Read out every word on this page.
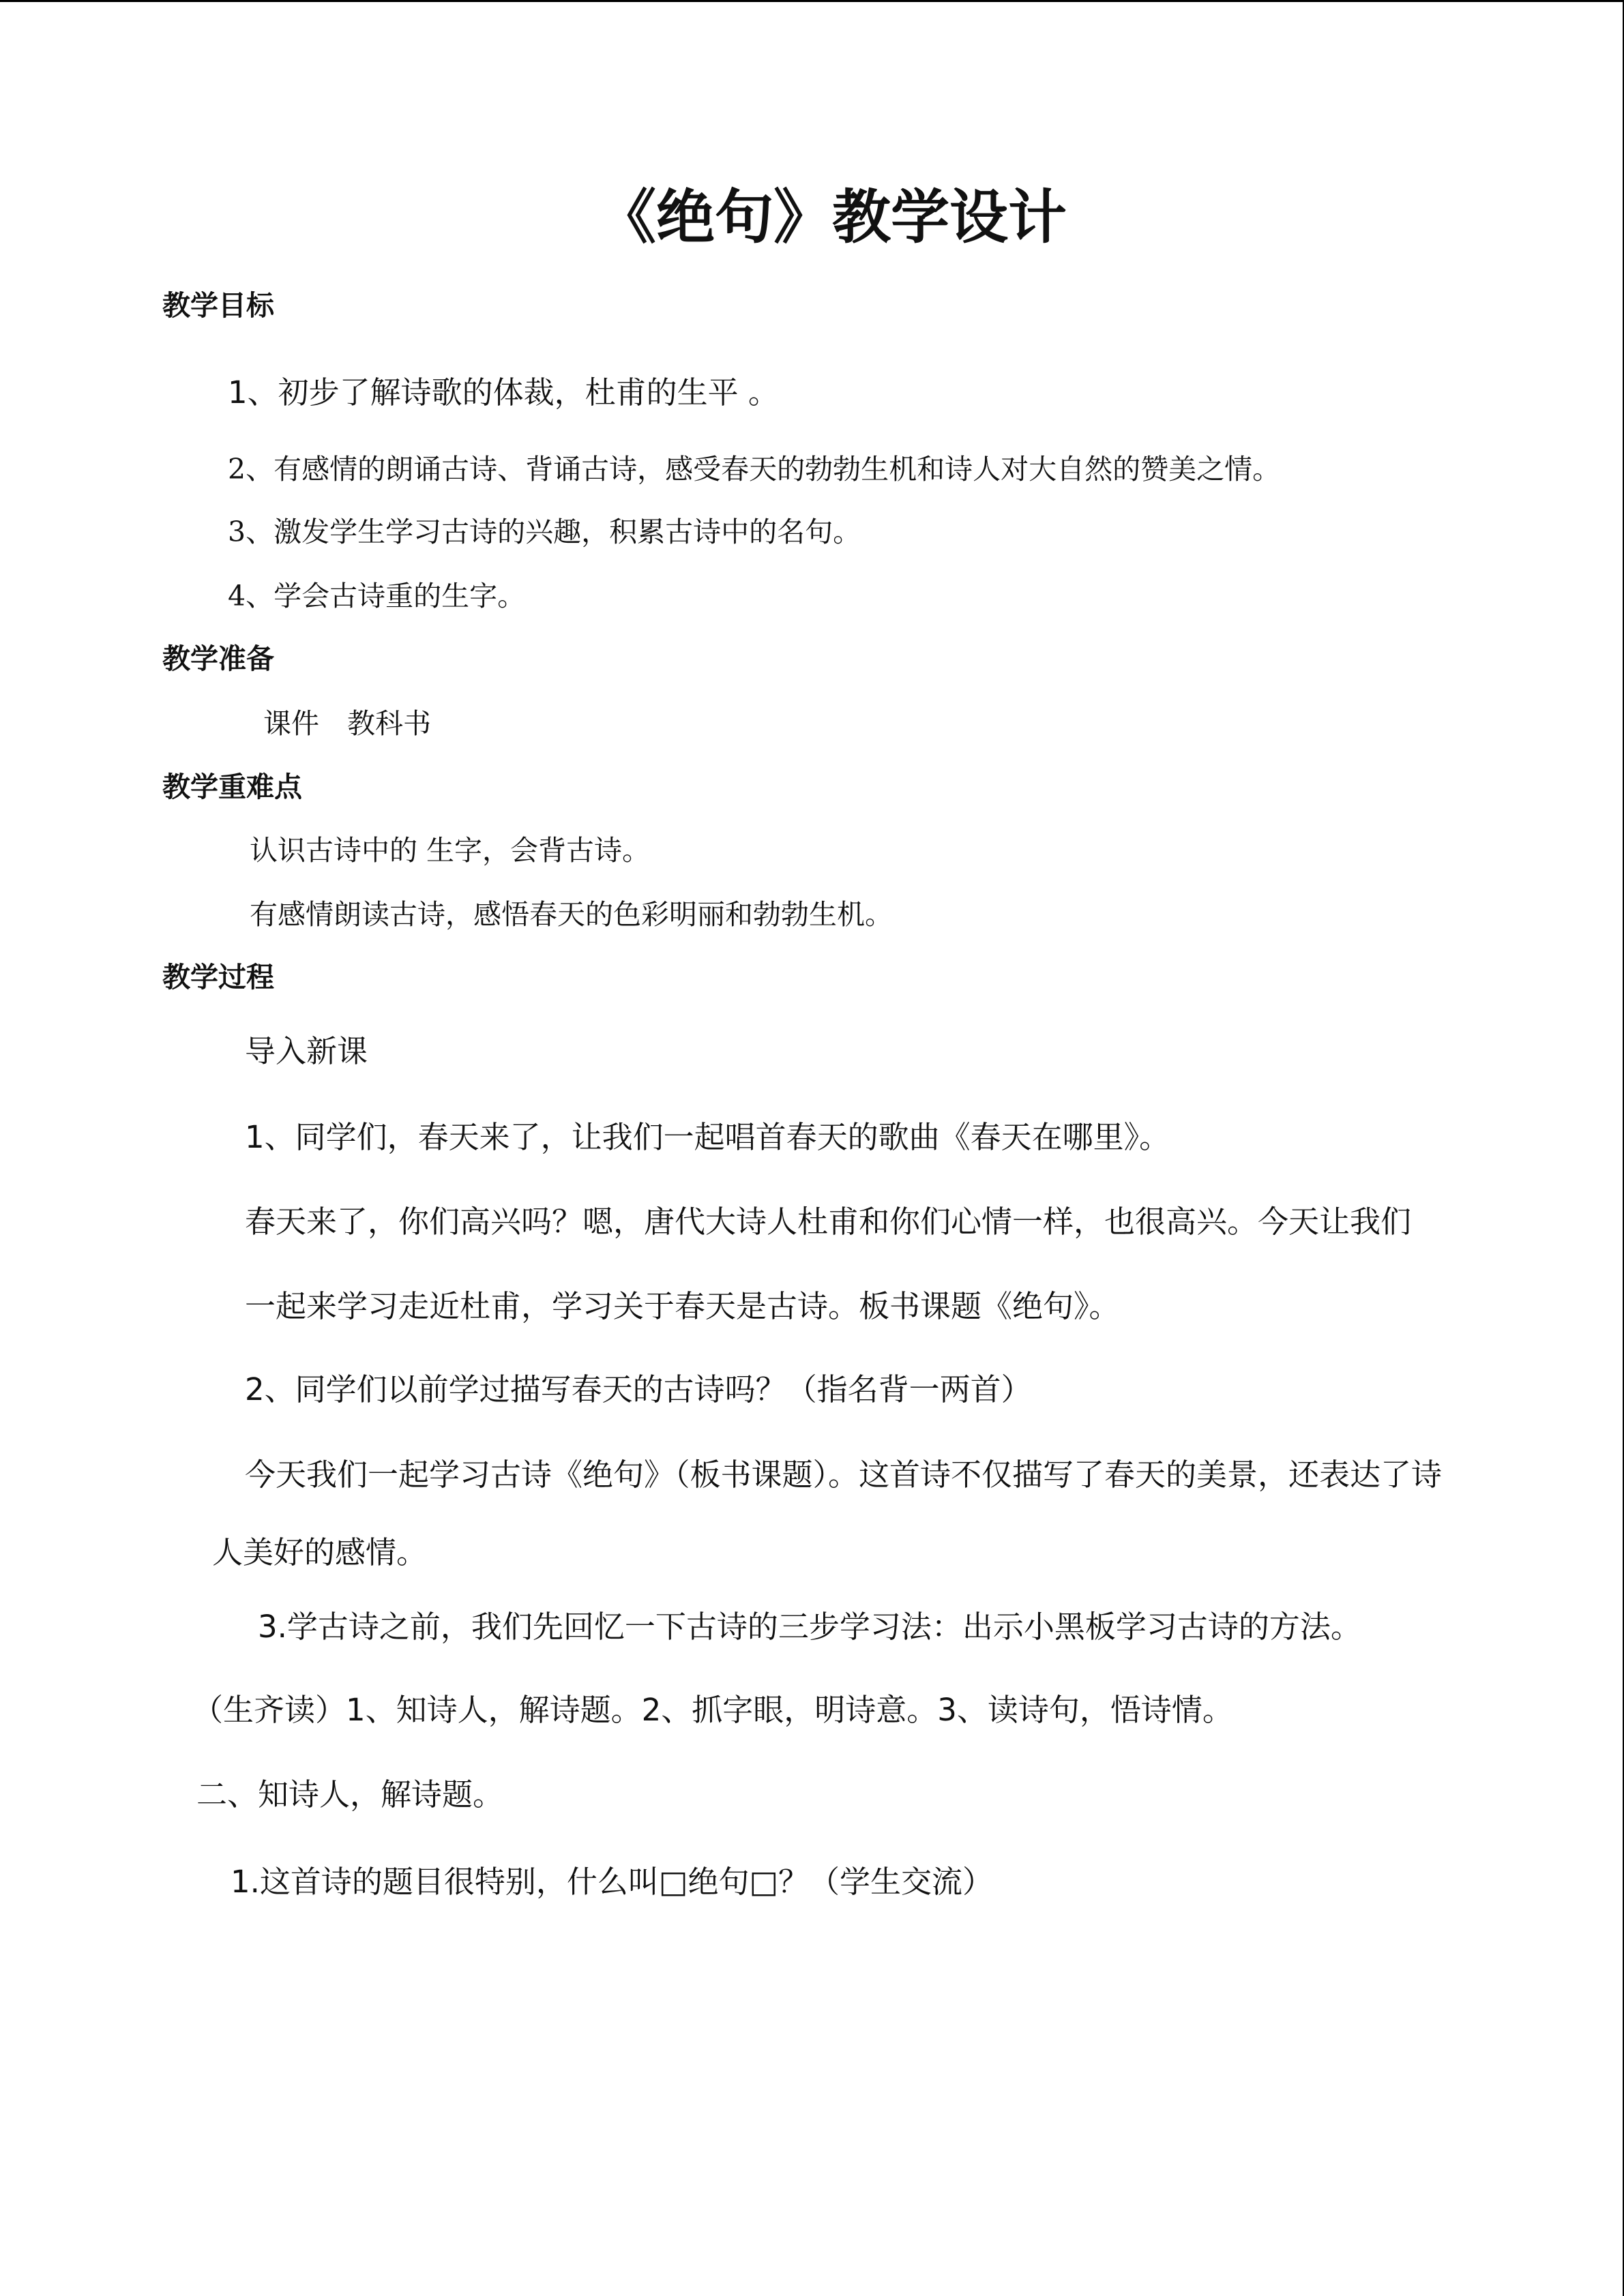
《绝句》教学设计
教学目标
1、初步了解诗歌的体裁，杜甫的生平 。
2、有感情的朗诵古诗、背诵古诗，感受春天的勃勃生机和诗人对大自然的赞美之情。
3、激发学生学习古诗的兴趣，积累古诗中的名句。
4、学会古诗重的生字。
教学准备
课件　教科书
教学重难点
认识古诗中的 生字，会背古诗。
有感情朗读古诗，感悟春天的色彩明丽和勃勃生机。
教学过程
导入新课
1、同学们，春天来了，让我们一起唱首春天的歌曲《春天在哪里》。
春天来了，你们高兴吗？嗯，唐代大诗人杜甫和你们心情一样，也很高兴。今天让我们
一起来学习走近杜甫，学习关于春天是古诗。板书课题《绝句》。
2、同学们以前学过描写春天的古诗吗？（指名背一两首）
今天我们一起学习古诗《绝句》（板书课题）。这首诗不仅描写了春天的美景，还表达了诗
人美好的感情。
3.学古诗之前，我们先回忆一下古诗的三步学习法：出示小黑板学习古诗的方法。
（生齐读）1、知诗人，解诗题。2、抓字眼，明诗意。3、读诗句，悟诗情。
二、知诗人，解诗题。
1.这首诗的题目很特别，什么叫□绝句□？（学生交流）
